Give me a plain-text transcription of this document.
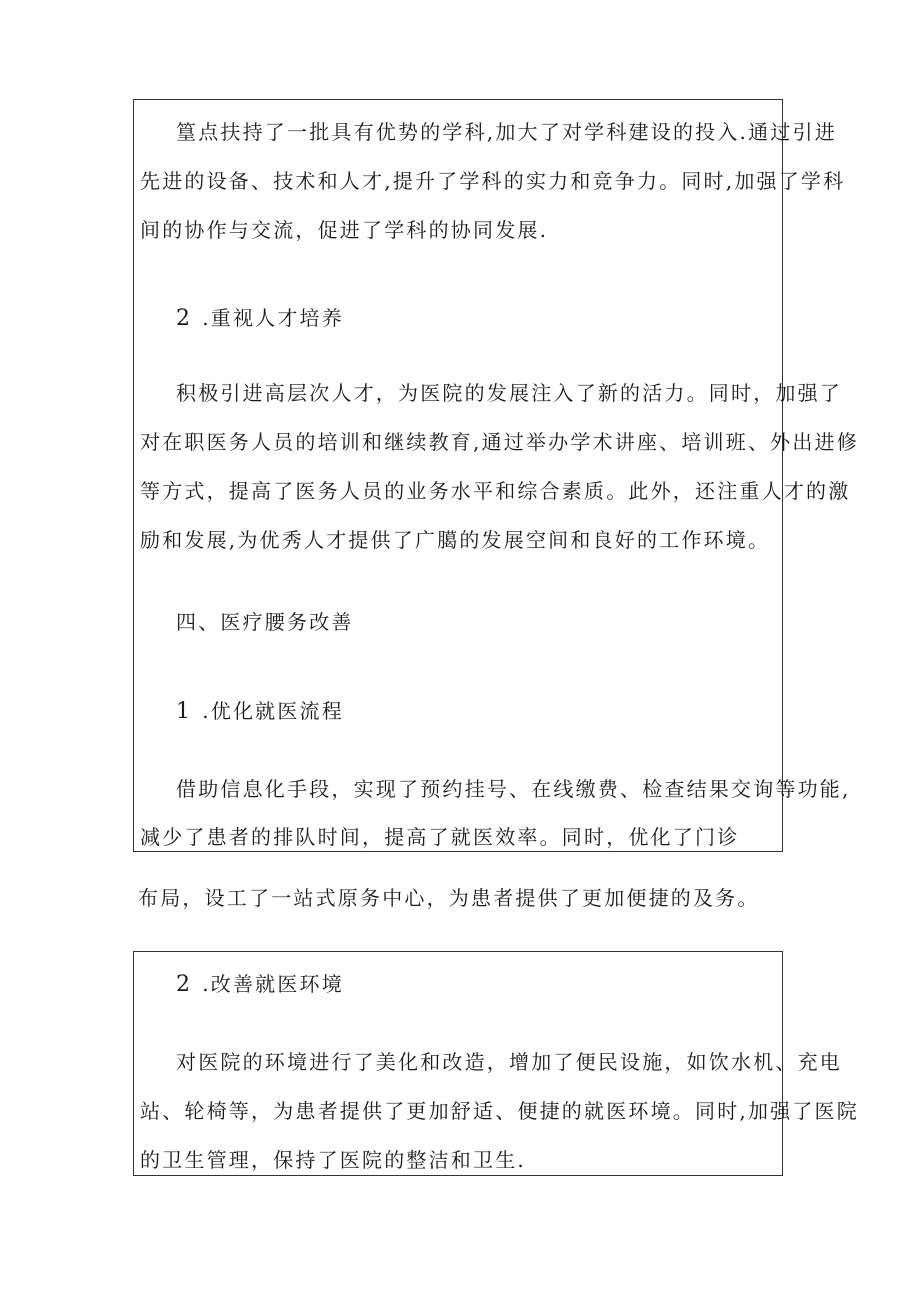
篁点扶持了一批具有优势的学科,加大了对学科建设的投入.通过引进
先进的设备、技术和人才,提升了学科的实力和竞争力。同时,加强了学科
间的协作与交流，促进了学科的协同发展.
2 .重视人才培养
积极引进高层次人才，为医院的发展注入了新的活力。同时，加强了
对在职医务人员的培训和继续教育,通过举办学术讲座、培训班、外出进修
等方式，提高了医务人员的业务水平和综合素质。此外，还注重人才的激
励和发展,为优秀人才提供了广臈的发展空间和良好的工作环境。
四、医疗腰务改善
1 .优化就医流程
借助信息化手段，实现了预约挂号、在线缴费、检查结果交询等功能,
减少了患者的排队时间，提高了就医效率。同时，优化了门诊
布局，设工了一站式原务中心，为患者提供了更加便捷的及务。
2 .改善就医环境
对医院的环境进行了美化和改造，增加了便民设施，如饮水机、充电
站、轮椅等，为患者提供了更加舒适、便捷的就医环境。同时,加强了医院
的卫生管理，保持了医院的整洁和卫生.
